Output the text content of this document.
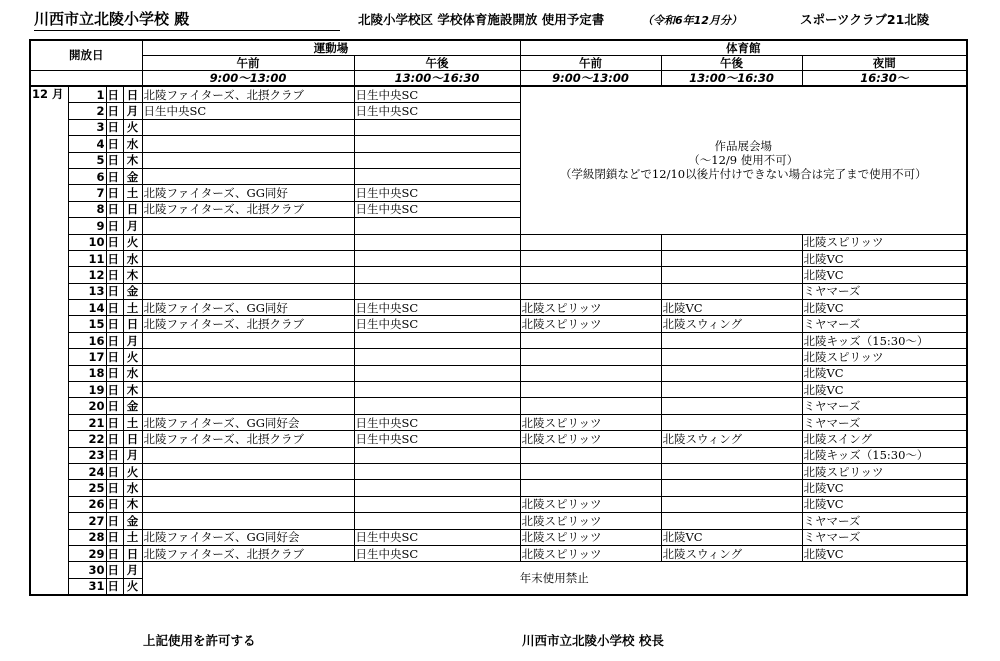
川西市立北陵小学校 殿	北陵小学校区 学校体育施設開放 使用予定書	（令和6年12月分）	スポーツクラブ21北陵
開放日				運動場		体育館		
				午前	午後	午前	午後	夜間
				9:00～13:00	13:00～16:30	9:00～13:00	13:00～16:30	16:30～
12 月	1	日	日	北陵ファイターズ、北摂クラブ	日生中央SC	作品展会場
（～12/9 使用不可）
（学級閉鎖などで12/10以後片付けできない場合は完了まで使用不可）		

	2	日	月	日生中央SC	日生中央SC			
	3	日	火					
	4	日	水					
	5	日	木					
	6	日	金					
	7	日	土	北陵ファイターズ、GG同好	日生中央SC			
	8	日	日	北陵ファイターズ、北摂クラブ	日生中央SC			
	9	日	月					
	10	日	火					北陵スピリッツ
	11	日	水					北陵VC
	12	日	木					北陵VC
	13	日	金					ミヤマーズ
	14	日	土	北陵ファイターズ、GG同好	日生中央SC	北陵スピリッツ	北陵VC	北陵VC
	15	日	日	北陵ファイターズ、北摂クラブ	日生中央SC	北陵スピリッツ	北陵スウィング	ミヤマーズ
	16	日	月					北陵キッズ（15:30～）
	17	日	火					北陵スピリッツ
	18	日	水					北陵VC
	19	日	木					北陵VC
	20	日	金					ミヤマーズ
	21	日	土	北陵ファイターズ、GG同好会	日生中央SC	北陵スピリッツ		ミヤマーズ
	22	日	日	北陵ファイターズ、北摂クラブ	日生中央SC	北陵スピリッツ	北陵スウィング	北陵スイング
	23	日	月					北陵キッズ（15:30～）
	24	日	火					北陵スピリッツ
	25	日	水					北陵VC
	26	日	木			北陵スピリッツ		北陵VC
	27	日	金			北陵スピリッツ		ミヤマーズ
	28	日	土	北陵ファイターズ、GG同好会	日生中央SC	北陵スピリッツ	北陵VC	ミヤマーズ
	29	日	日	北陵ファイターズ、北摂クラブ	日生中央SC	北陵スピリッツ	北陵スウィング	北陵VC
	30	日	月	年末使用禁止				
	31	日	火					
上記使用を許可する	川西市立北陵小学校 校長
